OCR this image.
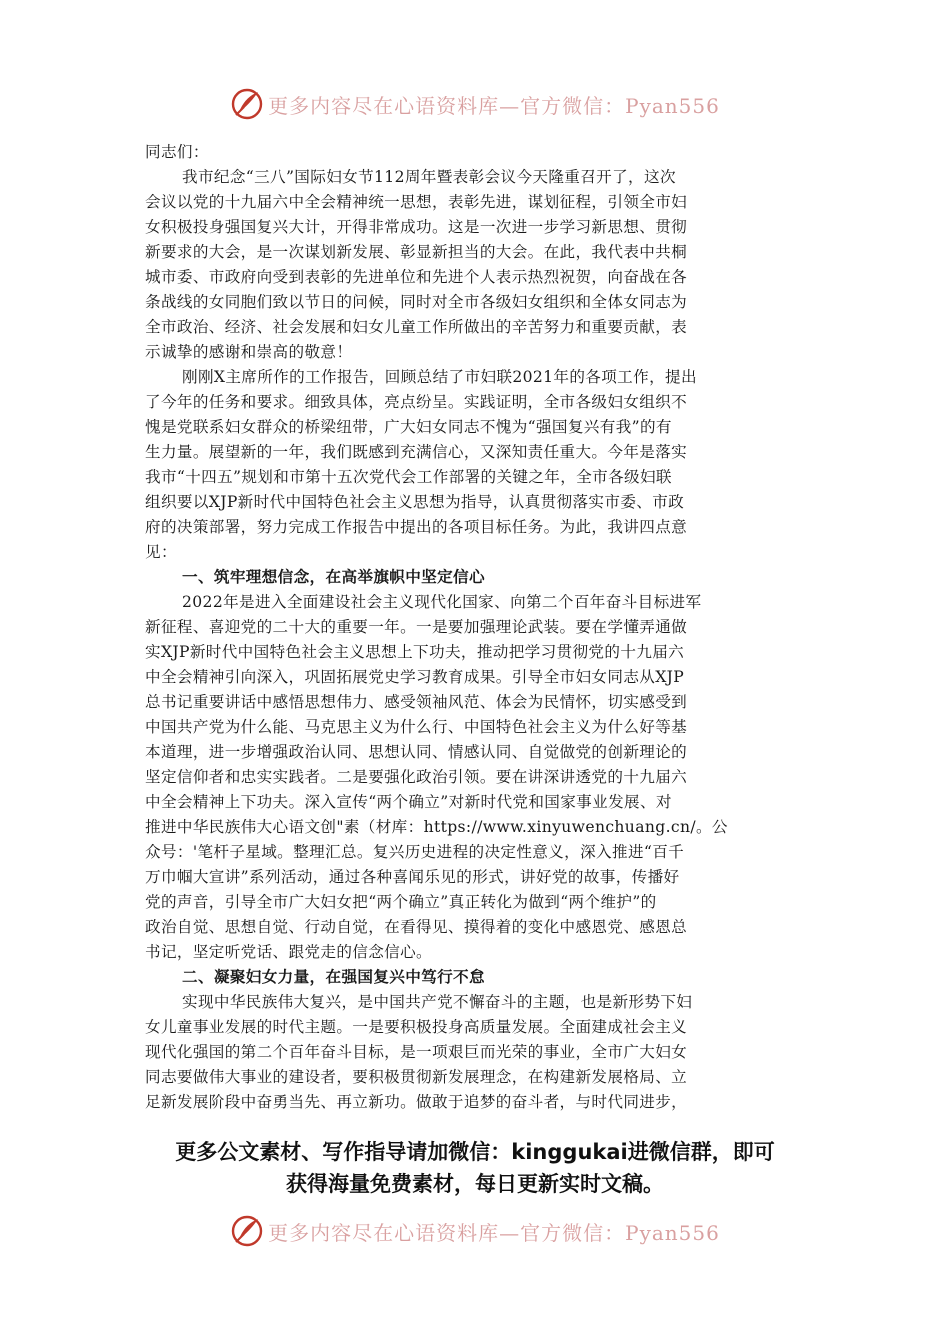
更多内容尽在心语资料库—官方微信：Pyan556
同志们：
我市纪念“三八”国际妇女节112周年暨表彰会议今天隆重召开了，这次
会议以党的十九届六中全会精神统一思想，表彰先进，谋划征程，引领全市妇
女积极投身强国复兴大计，开得非常成功。这是一次进一步学习新思想、贯彻
新要求的大会，是一次谋划新发展、彰显新担当的大会。在此，我代表中共桐
城市委、市政府向受到表彰的先进单位和先进个人表示热烈祝贺，向奋战在各
条战线的女同胞们致以节日的问候，同时对全市各级妇女组织和全体女同志为
全市政治、经济、社会发展和妇女儿童工作所做出的辛苦努力和重要贡献，表
示诚挚的感谢和崇高的敬意！
刚刚X主席所作的工作报告，回顾总结了市妇联2021年的各项工作，提出
了今年的任务和要求。细致具体，亮点纷呈。实践证明，全市各级妇女组织不
愧是党联系妇女群众的桥梁纽带，广大妇女同志不愧为“强国复兴有我”的有
生力量。展望新的一年，我们既感到充满信心，又深知责任重大。今年是落实
我市“十四五”规划和市第十五次党代会工作部署的关键之年，全市各级妇联
组织要以XJP新时代中国特色社会主义思想为指导，认真贯彻落实市委、市政
府的决策部署，努力完成工作报告中提出的各项目标任务。为此，我讲四点意
见：
一、筑牢理想信念，在高举旗帜中坚定信心
2022年是进入全面建设社会主义现代化国家、向第二个百年奋斗目标进军
新征程、喜迎党的二十大的重要一年。一是要加强理论武装。要在学懂弄通做
实XJP新时代中国特色社会主义思想上下功夫，推动把学习贯彻党的十九届六
中全会精神引向深入，巩固拓展党史学习教育成果。引导全市妇女同志从XJP
总书记重要讲话中感悟思想伟力、感受领袖风范、体会为民情怀，切实感受到
中国共产党为什么能、马克思主义为什么行、中国特色社会主义为什么好等基
本道理，进一步增强政治认同、思想认同、情感认同、自觉做党的创新理论的
坚定信仰者和忠实实践者。二是要强化政治引领。要在讲深讲透党的十九届六
中全会精神上下功夫。深入宣传“两个确立”对新时代党和国家事业发展、对
推进中华民族伟大心语文创"素（材库：https://www.xinyuwenchuang.cn/。公
众号：'笔杆子星域。整理汇总。复兴历史进程的决定性意义，深入推进“百千
万巾帼大宣讲”系列活动，通过各种喜闻乐见的形式，讲好党的故事，传播好
党的声音，引导全市广大妇女把“两个确立”真正转化为做到“两个维护”的
政治自觉、思想自觉、行动自觉，在看得见、摸得着的变化中感恩党、感恩总
书记，坚定听党话、跟党走的信念信心。
二、凝聚妇女力量，在强国复兴中笃行不怠
实现中华民族伟大复兴，是中国共产党不懈奋斗的主题，也是新形势下妇
女儿童事业发展的时代主题。一是要积极投身高质量发展。全面建成社会主义
现代化强国的第二个百年奋斗目标，是一项艰巨而光荣的事业，全市广大妇女
同志要做伟大事业的建设者，要积极贯彻新发展理念，在构建新发展格局、立
足新发展阶段中奋勇当先、再立新功。做敢于追梦的奋斗者，与时代同进步，
更多公文素材、写作指导请加微信：kinggukai进微信群，即可
获得海量免费素材，每日更新实时文稿。
更多内容尽在心语资料库—官方微信：Pyan556
